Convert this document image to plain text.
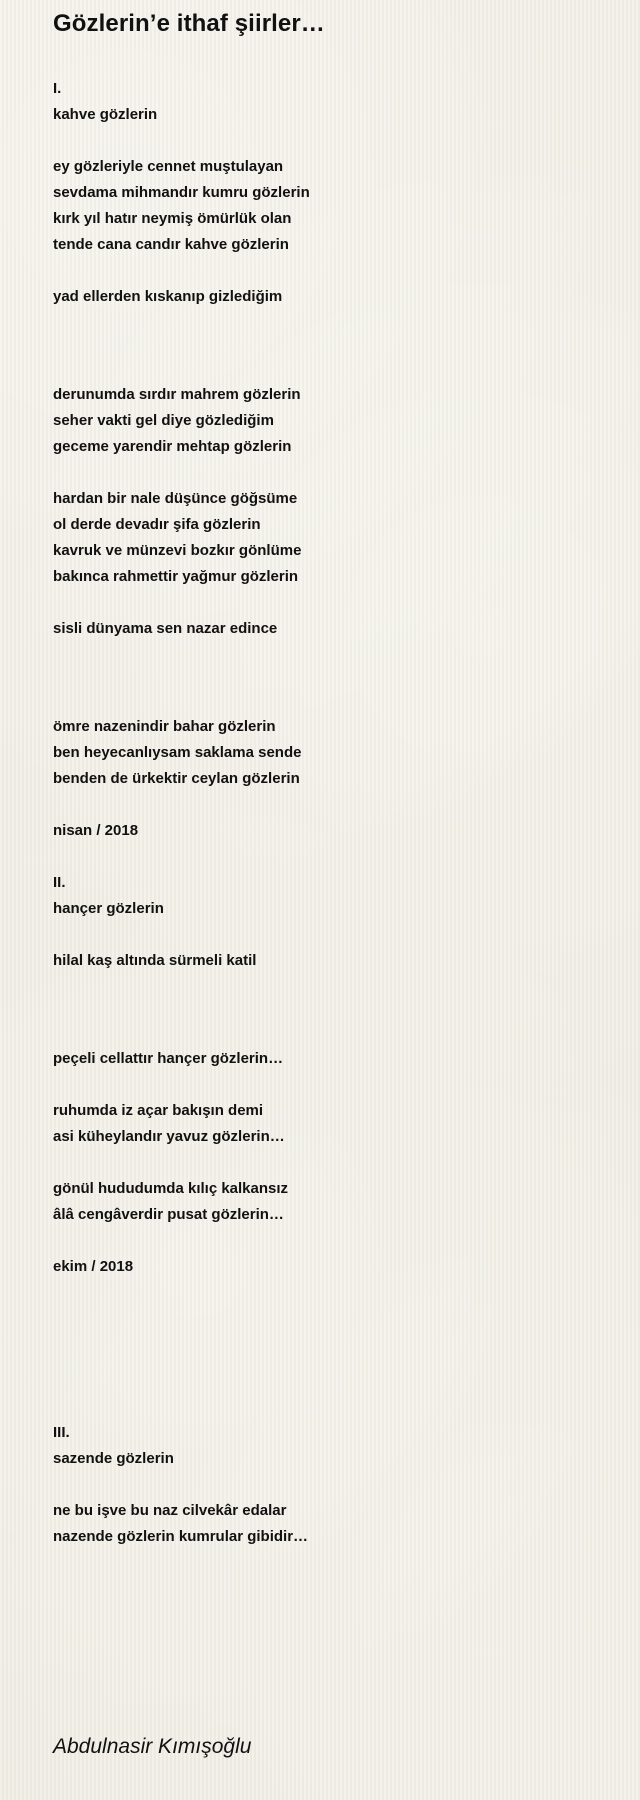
Gözlerin’e ithaf şiirler…
I.
kahve gözlerin
ey gözleriyle cennet muştulayan
sevdama mihmandır kumru gözlerin
kırk yıl hatır neymiş ömürlük olan
tende cana candır kahve gözlerin
yad ellerden kıskanıp gizlediğim
derunumda sırdır mahrem gözlerin
seher vakti gel diye gözlediğim
geceme yarendir mehtap gözlerin
hardan bir nale düşünce göğsüme
ol derde devadır şifa gözlerin
kavruk ve münzevi bozkır gönlüme
bakınca rahmettir yağmur gözlerin
sisli dünyama sen nazar edince
ömre nazenindir bahar gözlerin
ben heyecanlıysam saklama sende
benden de ürkektir ceylan gözlerin
nisan / 2018
II.
hançer gözlerin
hilal kaş altında sürmeli katil
peçeli cellattır hançer gözlerin…
ruhumda iz açar bakışın demi
asi küheylandır yavuz gözlerin…
gönül hududumda kılıç kalkansız
âlâ cengâverdir pusat gözlerin…
ekim / 2018
III.
sazende gözlerin
ne bu işve bu naz cilvekâr edalar
nazende gözlerin kumrular gibidir…
Abdulnasir Kımışoğlu
